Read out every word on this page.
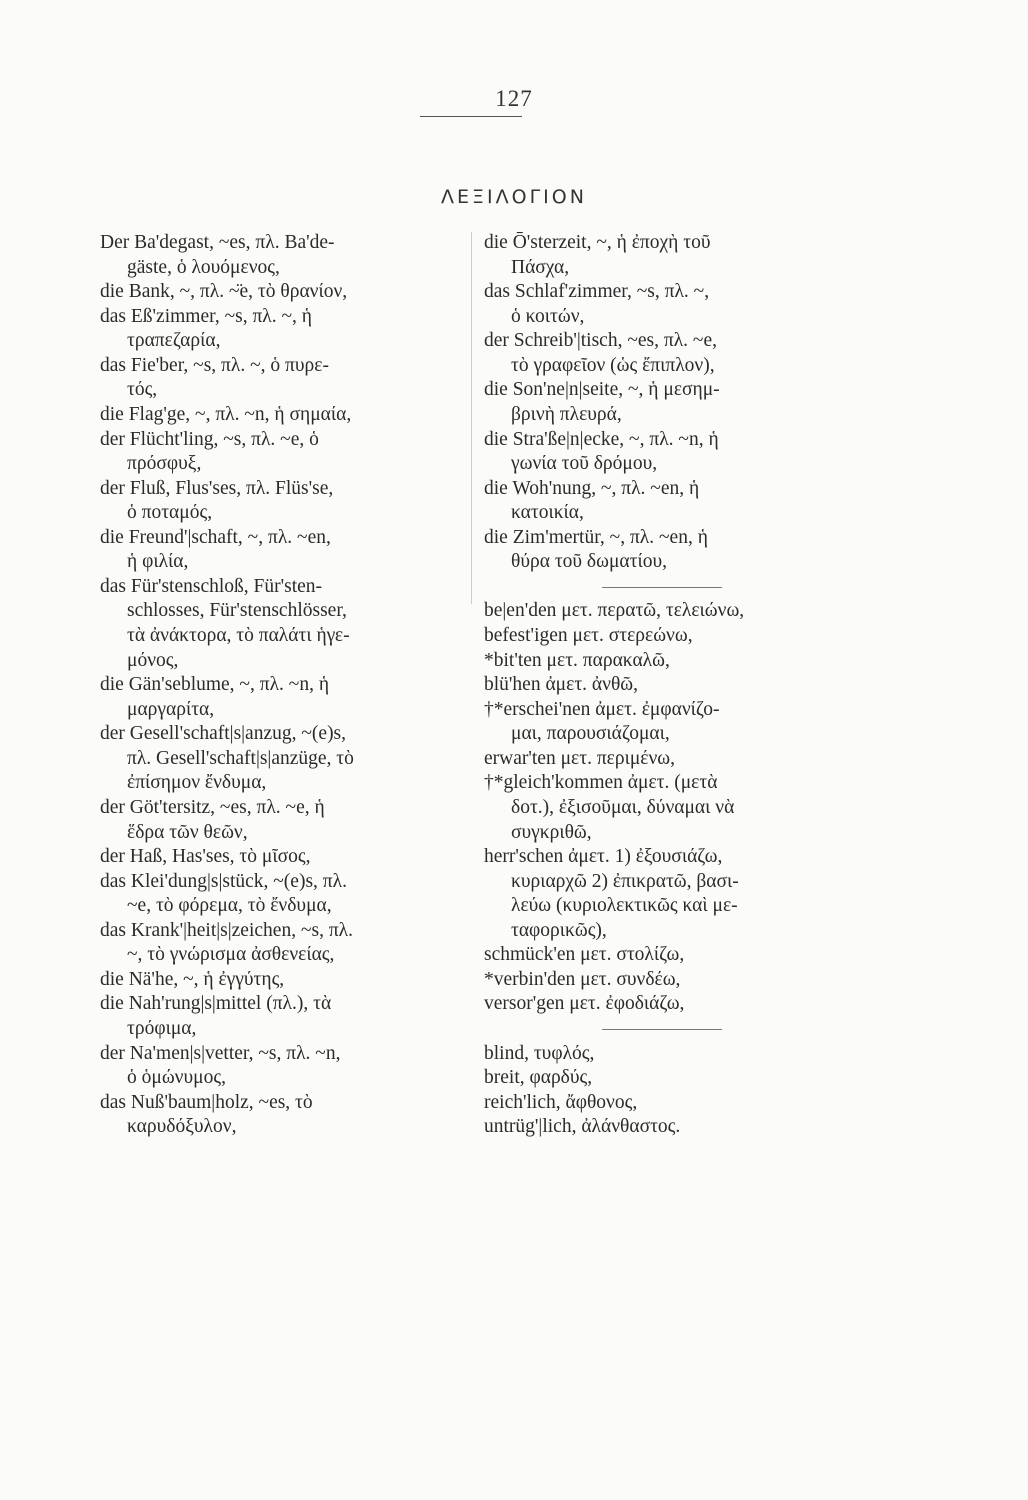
127
ΛΕΞΙΛΟΓΙΟΝ
Der Ba'degast, ~es, πλ. Ba'de-
gäste, ὁ λουόμενος,
die Bank, ~, πλ. ~̈e, τὸ θρανίον,
das Eß'zimmer, ~s, πλ. ~, ἡ
τραπεζαρία,
das Fie'ber, ~s, πλ. ~, ὁ πυρε-
τός,
die Flag'ge, ~, πλ. ~n, ἡ σημαία,
der Flücht'ling, ~s, πλ. ~e, ὁ
πρόσφυξ,
der Fluß, Flus'ses, πλ. Flüs'se,
ὁ ποταμός,
die Freund'|schaft, ~, πλ. ~en,
ἡ φιλία,
das Für'stenschloß, Für'sten-
schlosses, Für'stenschlösser,
τὰ ἀνάκτορα, τὸ παλάτι ἡγε-
μόνος,
die Gän'seblume, ~, πλ. ~n, ἡ
μαργαρίτα,
der Gesell'schaft|s|anzug, ~(e)s,
πλ. Gesell'schaft|s|anzüge, τὸ
ἐπίσημον ἔνδυμα,
der Göt'tersitz, ~es, πλ. ~e, ἡ
ἕδρα τῶν θεῶν,
der Haß, Has'ses, τὸ μῖσος,
das Klei'dung|s|stück, ~(e)s, πλ.
~e, τὸ φόρεμα, τὸ ἔνδυμα,
das Krank'|heit|s|zeichen, ~s, πλ.
~, τὸ γνώρισμα ἀσθενείας,
die Nä'he, ~, ἡ ἐγγύτης,
die Nah'rung|s|mittel (πλ.), τὰ
τρόφιμα,
der Na'men|s|vetter, ~s, πλ. ~n,
ὁ ὁμώνυμος,
das Nuß'baum|holz, ~es, τὸ
καρυδόξυλον,
die Ō'sterzeit, ~, ἡ ἐποχὴ τοῦ
Πάσχα,
das Schlaf'zimmer, ~s, πλ. ~,
ὁ κοιτών,
der Schreib'|tisch, ~es, πλ. ~e,
τὸ γραφεῖον (ὡς ἔπιπλον),
die Son'ne|n|seite, ~, ἡ μεσημ-
βρινὴ πλευρά,
die Stra'ße|n|ecke, ~, πλ. ~n, ἡ
γωνία τοῦ δρόμου,
die Woh'nung, ~, πλ. ~en, ἡ
κατοικία,
die Zim'mertür, ~, πλ. ~en, ἡ
θύρα τοῦ δωματίου,
be|en'den μετ. περατῶ, τελειώνω,
befest'igen μετ. στερεώνω,
*bit'ten μετ. παρακαλῶ,
blü'hen ἀμετ. ἀνθῶ,
†*erschei'nen ἀμετ. ἐμφανίζο-
μαι, παρουσιάζομαι,
erwar'ten μετ. περιμένω,
†*gleich'kommen ἀμετ. (μετὰ
δοτ.), ἐξισοῦμαι, δύναμαι νὰ
συγκριθῶ,
herr'schen ἀμετ. 1) ἐξουσιάζω,
κυριαρχῶ 2) ἐπικρατῶ, βασι-
λεύω (κυριολεκτικῶς καὶ με-
ταφορικῶς),
schmück'en μετ. στολίζω,
*verbin'den μετ. συνδέω,
versor'gen μετ. ἐφοδιάζω,
blind, τυφλός,
breit, φαρδύς,
reich'lich, ἄφθονος,
untrüg'|lich, ἀλάνθαστος.
